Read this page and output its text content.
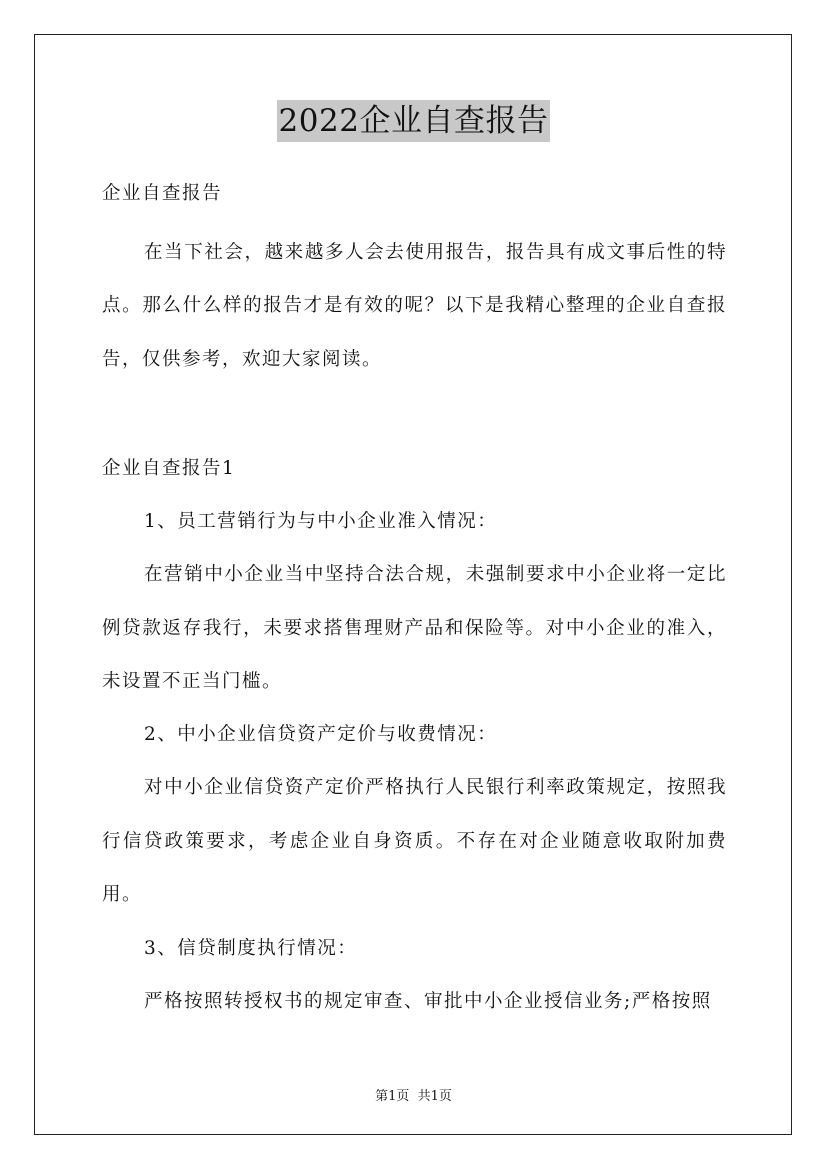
2022企业自查报告

企业自查报告

在当下社会，越来越多人会去使用报告，报告具有成文事后性的特点。那么什么样的报告才是有效的呢？以下是我精心整理的企业自查报告，仅供参考，欢迎大家阅读。

企业自查报告1

1、员工营销行为与中小企业准入情况：

在营销中小企业当中坚持合法合规，未强制要求中小企业将一定比例贷款返存我行，未要求搭售理财产品和保险等。对中小企业的准入，未设置不正当门槛。

2、中小企业信贷资产定价与收费情况：

对中小企业信贷资产定价严格执行人民银行利率政策规定，按照我行信贷政策要求，考虑企业自身资质。不存在对企业随意收取附加费用。

3、信贷制度执行情况：

严格按照转授权书的规定审查、审批中小企业授信业务;严格按照

第1页  共1页
